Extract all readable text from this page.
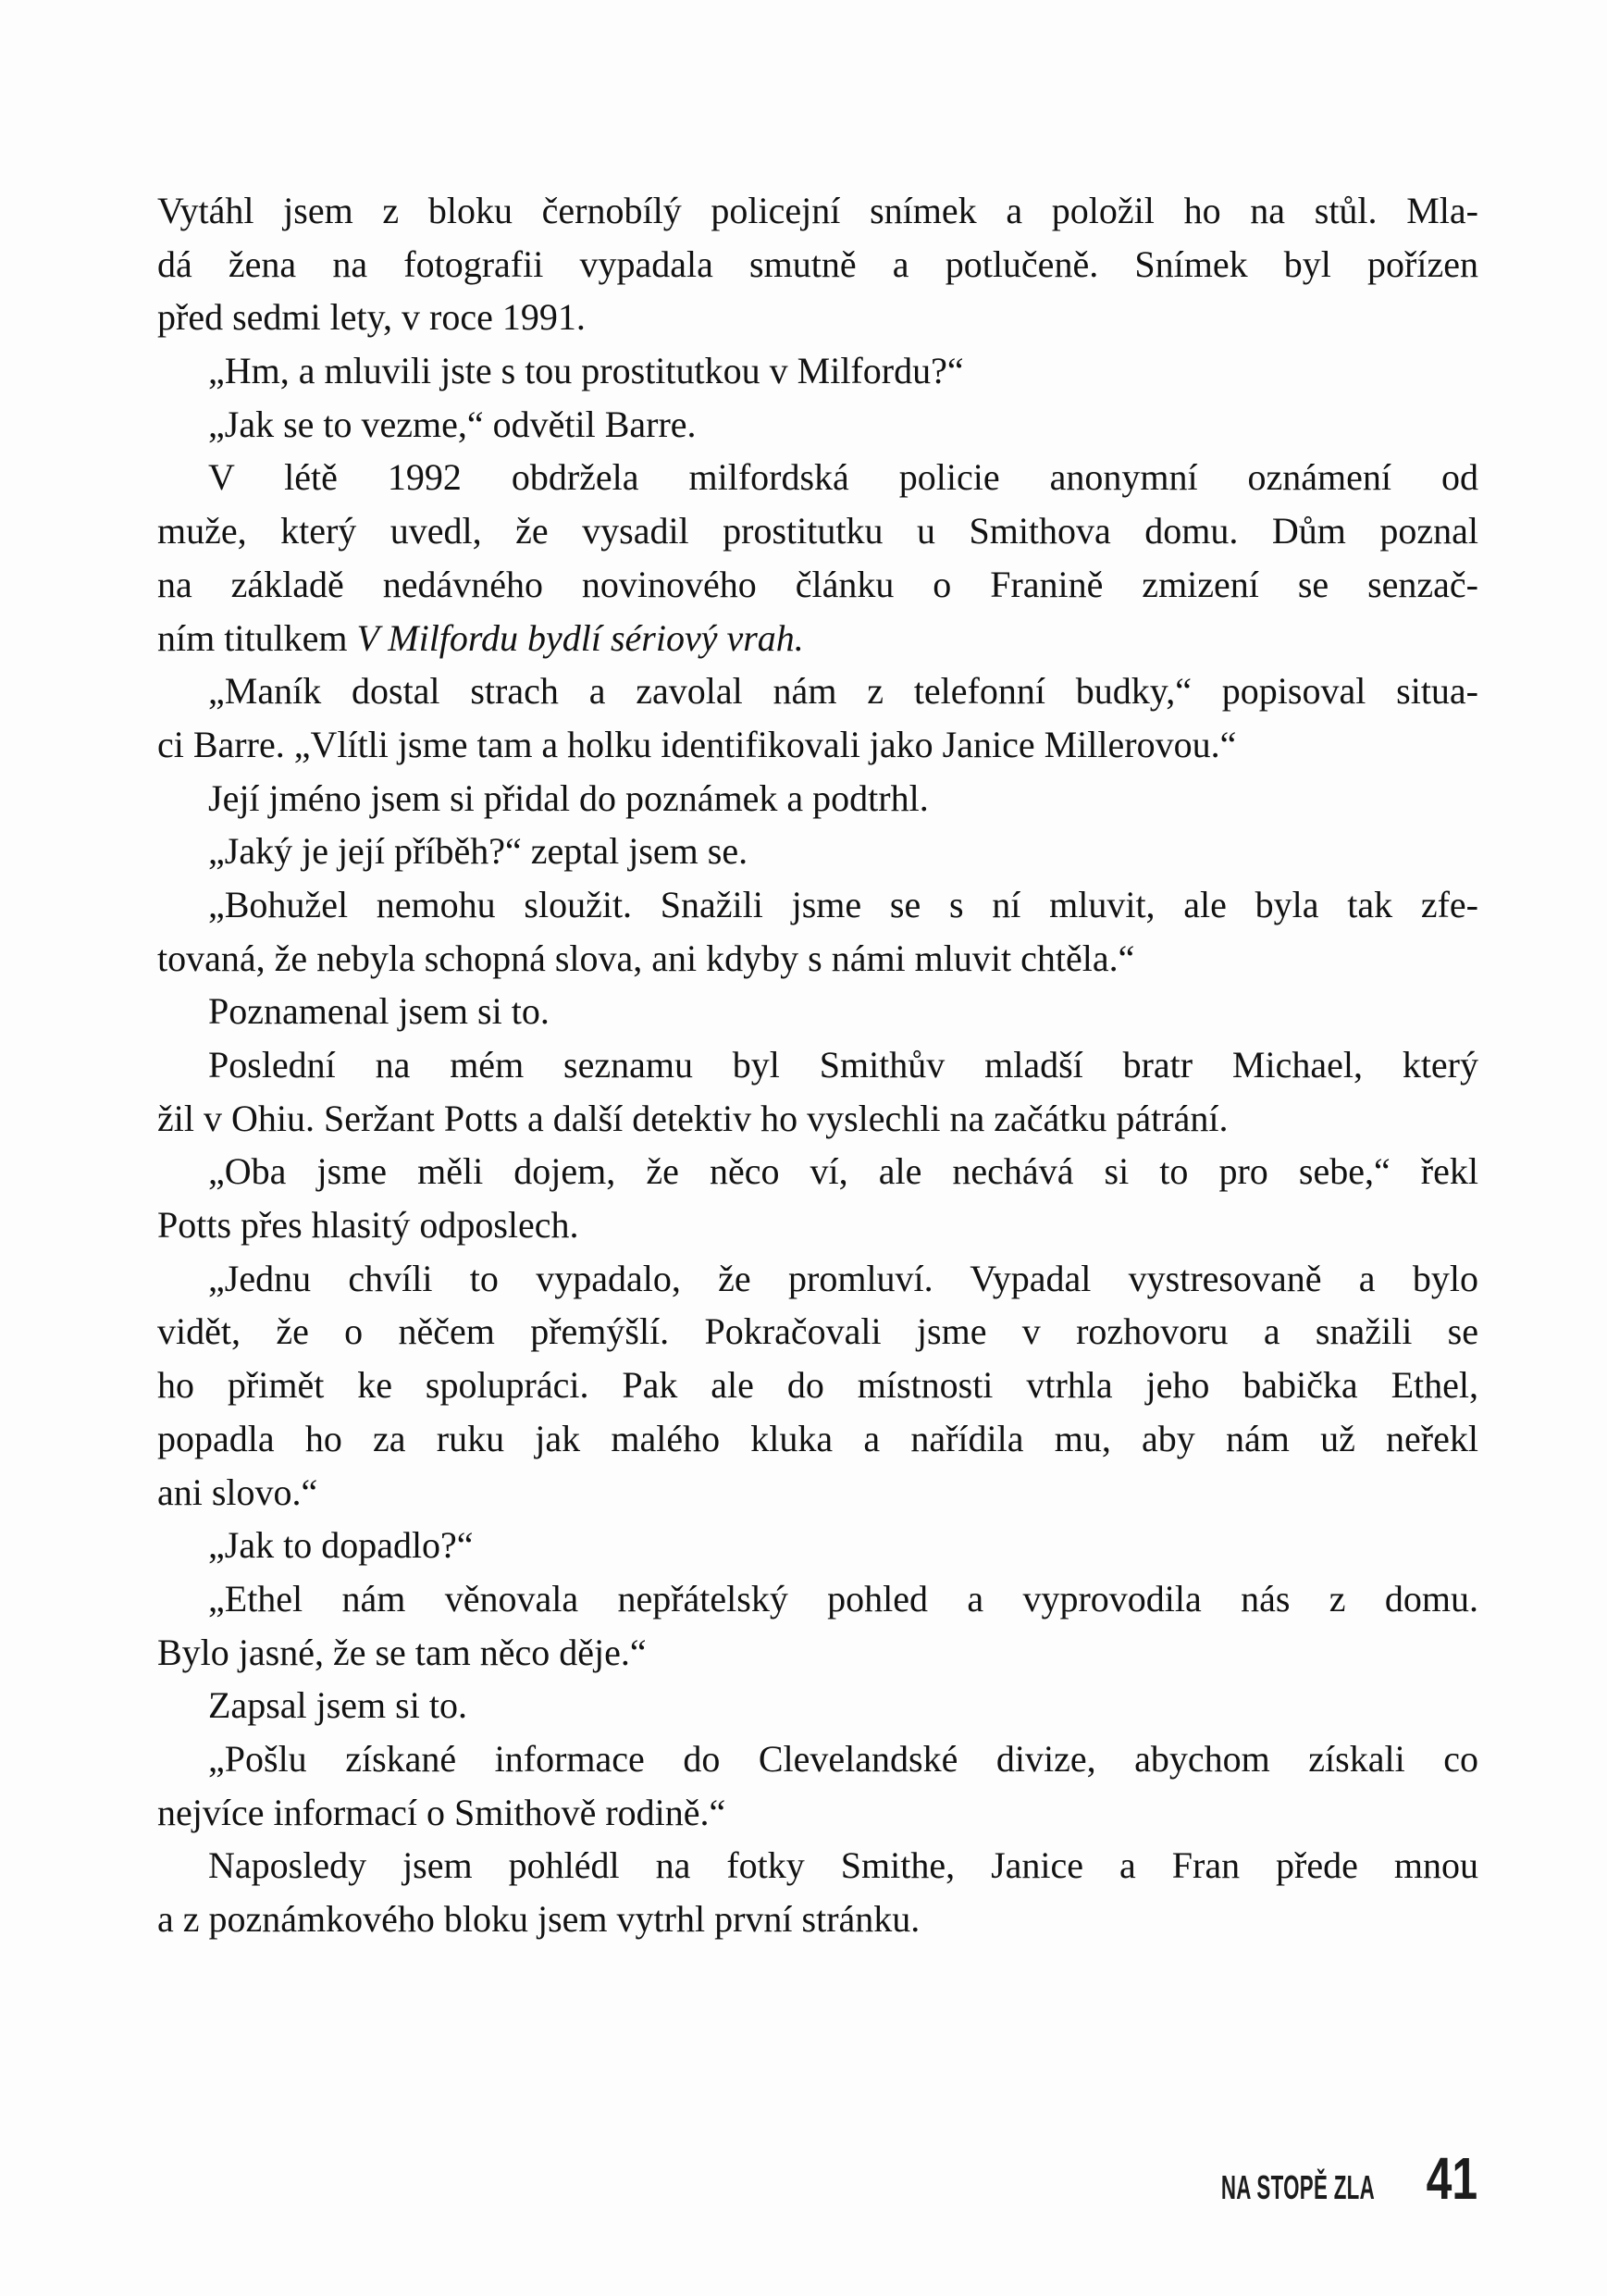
Vytáhl jsem z bloku černobílý policejní snímek a položil ho na stůl. Mla-
dá žena na fotografii vypadala smutně a potlučeně. Snímek byl pořízen
před sedmi lety, v roce 1991.
„Hm, a mluvili jste s tou prostitutkou v Milfordu?“
„Jak se to vezme,“ odvětil Barre.
V létě 1992 obdržela milfordská policie anonymní oznámení od
muže, který uvedl, že vysadil prostitutku u Smithova domu. Dům poznal
na základě nedávného novinového článku o Franině zmizení se senzač-
ním titulkem V Milfordu bydlí sériový vrah.
„Maník dostal strach a zavolal nám z telefonní budky,“ popisoval situa-
ci Barre. „Vlítli jsme tam a holku identifikovali jako Janice Millerovou.“
Její jméno jsem si přidal do poznámek a podtrhl.
„Jaký je její příběh?“ zeptal jsem se.
„Bohužel nemohu sloužit. Snažili jsme se s ní mluvit, ale byla tak zfe-
tovaná, že nebyla schopná slova, ani kdyby s námi mluvit chtěla.“
Poznamenal jsem si to.
Poslední na mém seznamu byl Smithův mladší bratr Michael, který
žil v Ohiu. Seržant Potts a další detektiv ho vyslechli na začátku pátrání.
„Oba jsme měli dojem, že něco ví, ale nechává si to pro sebe,“ řekl
Potts přes hlasitý odposlech.
„Jednu chvíli to vypadalo, že promluví. Vypadal vystresovaně a bylo
vidět, že o něčem přemýšlí. Pokračovali jsme v rozhovoru a snažili se
ho přimět ke spolupráci. Pak ale do místnosti vtrhla jeho babička Ethel,
popadla ho za ruku jak malého kluka a nařídila mu, aby nám už neřekl
ani slovo.“
„Jak to dopadlo?“
„Ethel nám věnovala nepřátelský pohled a vyprovodila nás z domu.
Bylo jasné, že se tam něco děje.“
Zapsal jsem si to.
„Pošlu získané informace do Clevelandské divize, abychom získali co
nejvíce informací o Smithově rodině.“
Naposledy jsem pohlédl na fotky Smithe, Janice a Fran přede mnou
a z poznámkového bloku jsem vytrhl první stránku.
NA STOPĚ ZLA 41
